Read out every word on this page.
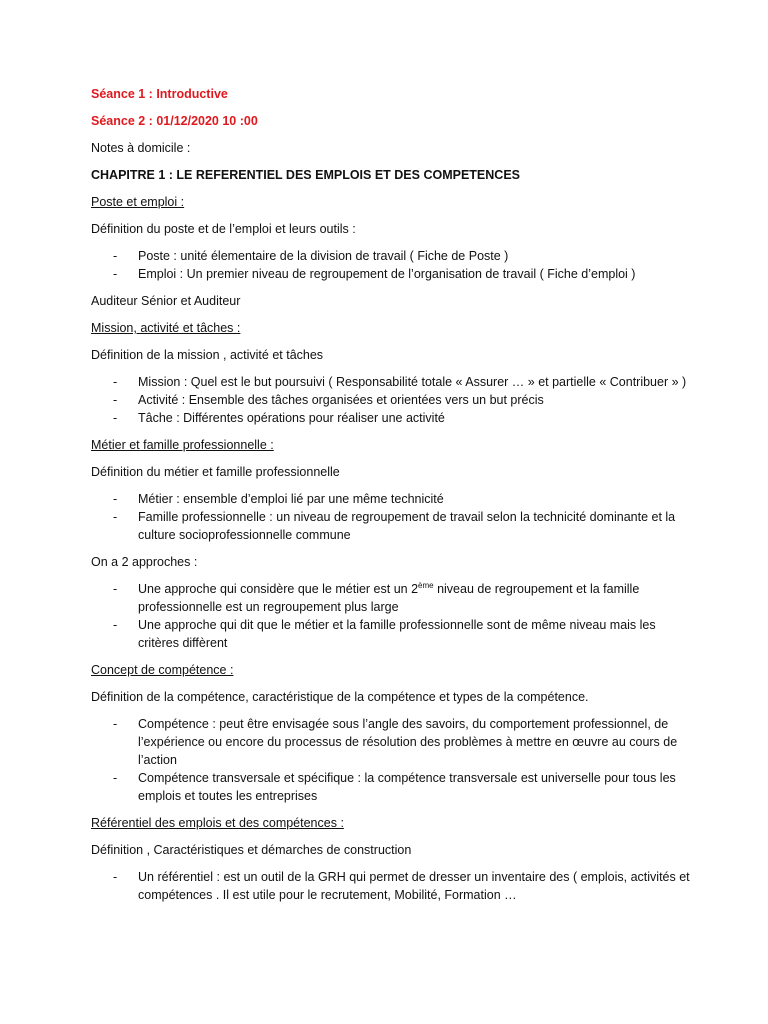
Séance 1 : Introductive

Séance 2 : 01/12/2020 10 :00

Notes à domicile :

CHAPITRE 1 : LE REFERENTIEL DES EMPLOIS ET DES COMPETENCES

Poste et emploi :

Définition du poste et de l’emploi et leurs outils :

- Poste : unité élementaire de la division de travail ( Fiche de Poste )
- Emploi : Un premier niveau de regroupement de l’organisation de travail ( Fiche d’emploi )

Auditeur Sénior et Auditeur

Mission, activité et tâches :

Définition de la mission , activité et tâches

- Mission : Quel est le but poursuivi ( Responsabilité totale « Assurer … » et partielle « Contribuer » )
- Activité : Ensemble des tâches organisées et orientées vers un but précis
- Tâche : Différentes opérations pour réaliser une activité

Métier et famille professionnelle :

Définition du métier et famille professionnelle

- Métier : ensemble d’emploi lié par une même technicité
- Famille professionnelle : un niveau de regroupement de travail selon la technicité dominante et la culture socioprofessionnelle commune

On a 2 approches :

- Une approche qui considère que le métier est un 2ème niveau de regroupement et la famille professionnelle est un regroupement plus large
- Une approche qui dit que le métier et la famille professionnelle sont de même niveau mais les critères diffèrent

Concept de compétence :

Définition de la compétence, caractéristique de la compétence et types de la compétence.

- Compétence : peut être envisagée sous l’angle des savoirs, du comportement professionnel, de l’expérience ou encore du processus de résolution des problèmes à mettre en œuvre au cours de l’action
- Compétence transversale et spécifique : la compétence transversale est universelle pour tous les emplois et toutes les entreprises

Référentiel des emplois et des compétences :

Définition , Caractéristiques et démarches de construction

- Un référentiel : est un outil de la GRH qui permet de dresser un inventaire des ( emplois, activités et compétences . Il est utile pour le recrutement, Mobilité, Formation …
